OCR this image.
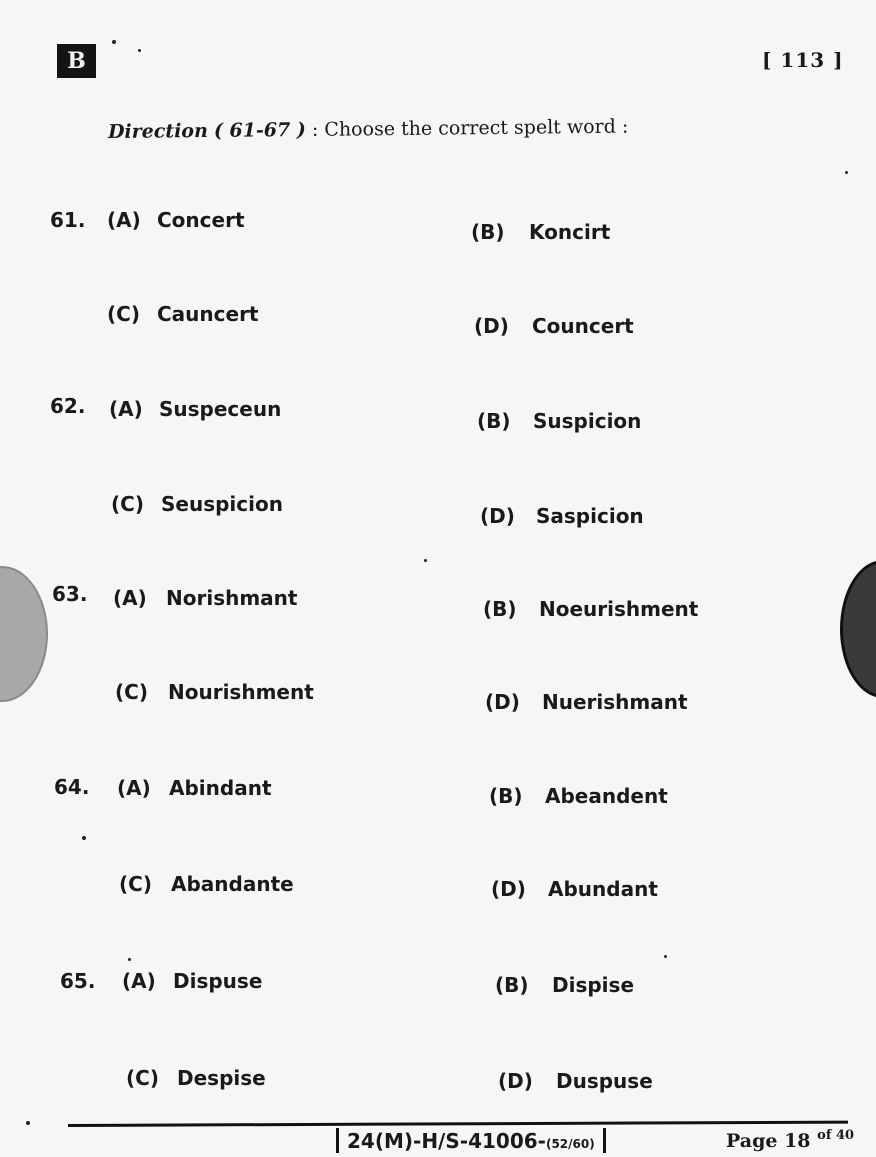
B	[ 113 ]
Direction ( 61-67 ) : Choose the correct spelt word :
61. (A) Concert	(B) Koncirt
(C) Cauncert	(D) Councert
62. (A) Suspeceun	(B) Suspicion
(C) Seuspicion	(D) Saspicion
63. (A) Norishmant	(B) Noeurishment
(C) Nourishment	(D) Nuerishmant
64. (A) Abindant	(B) Abeandent
(C) Abandante	(D) Abundant
65. (A) Dispuse	(B) Dispise
(C) Despise	(D) Duspuse
24(M)-H/S-41006-(52/60)	Page 18 $^{of 40}$
